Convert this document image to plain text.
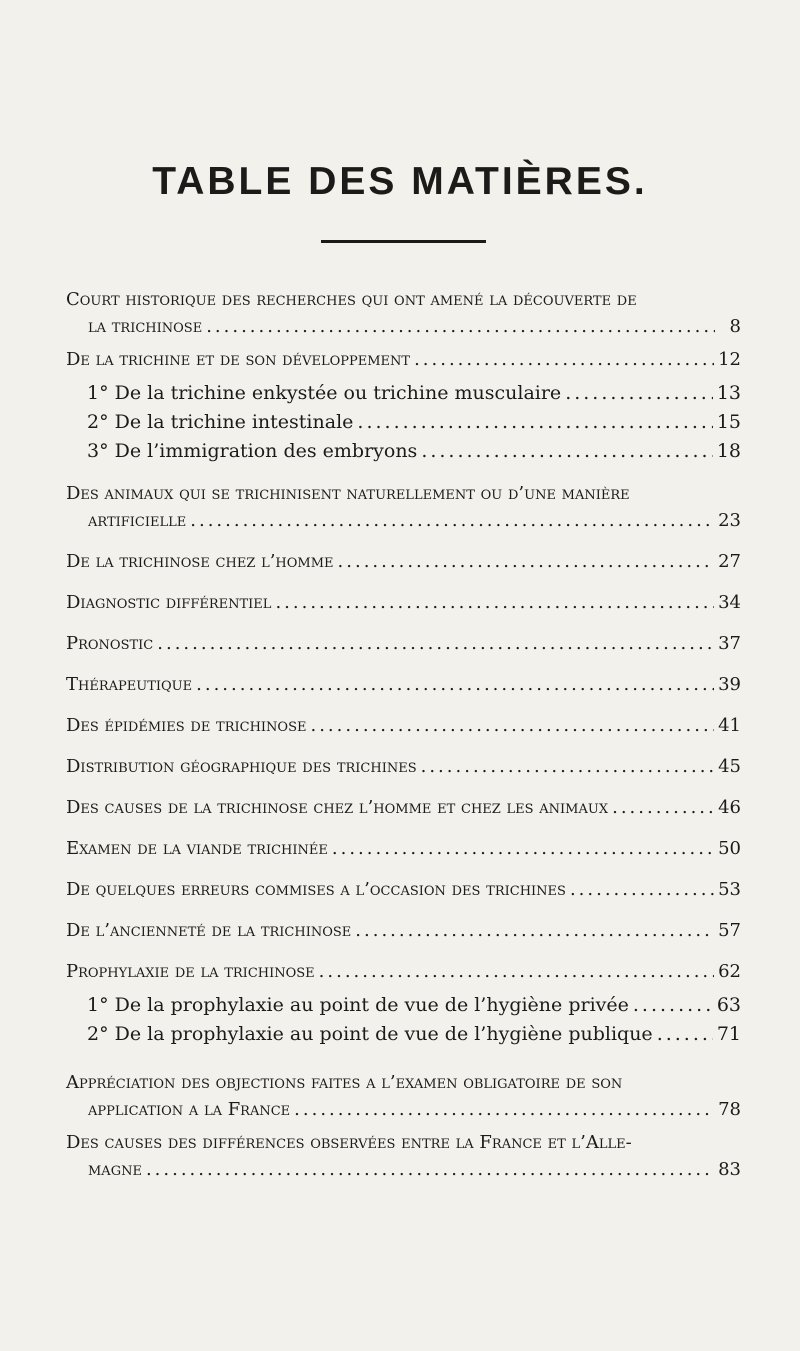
TABLE DES MATIÈRES.
Court historique des recherches qui ont amené la découverte de
la trichinose .....	8
De la trichine et de son développement .....	12
1° De la trichine enkystée ou trichine musculaire .....	13
2° De la trichine intestinale .....	15
3° De l’immigration des embryons .....	18
Des animaux qui se trichinisent naturellement ou d’une manière
artificielle .....	23
De la trichinose chez l’homme .....	27
Diagnostic différentiel .....	34
Pronostic .....	37
Thérapeutique .....	39
Des épidémies de trichinose .....	41
Distribution géographique des trichines .....	45
Des causes de la trichinose chez l’homme et chez les animaux .....	46
Examen de la viande trichinée .....	50
De quelques erreurs commises a l’occasion des trichines .....	53
De l’ancienneté de la trichinose .....	57
Prophylaxie de la trichinose .....	62
1° De la prophylaxie au point de vue de l’hygiène privée .....	63
2° De la prophylaxie au point de vue de l’hygiène publique .....	71
Appréciation des objections faites a l’examen obligatoire de son
application a la France .....	78
Des causes des différences observées entre la France et l’Alle-
magne .....	83
